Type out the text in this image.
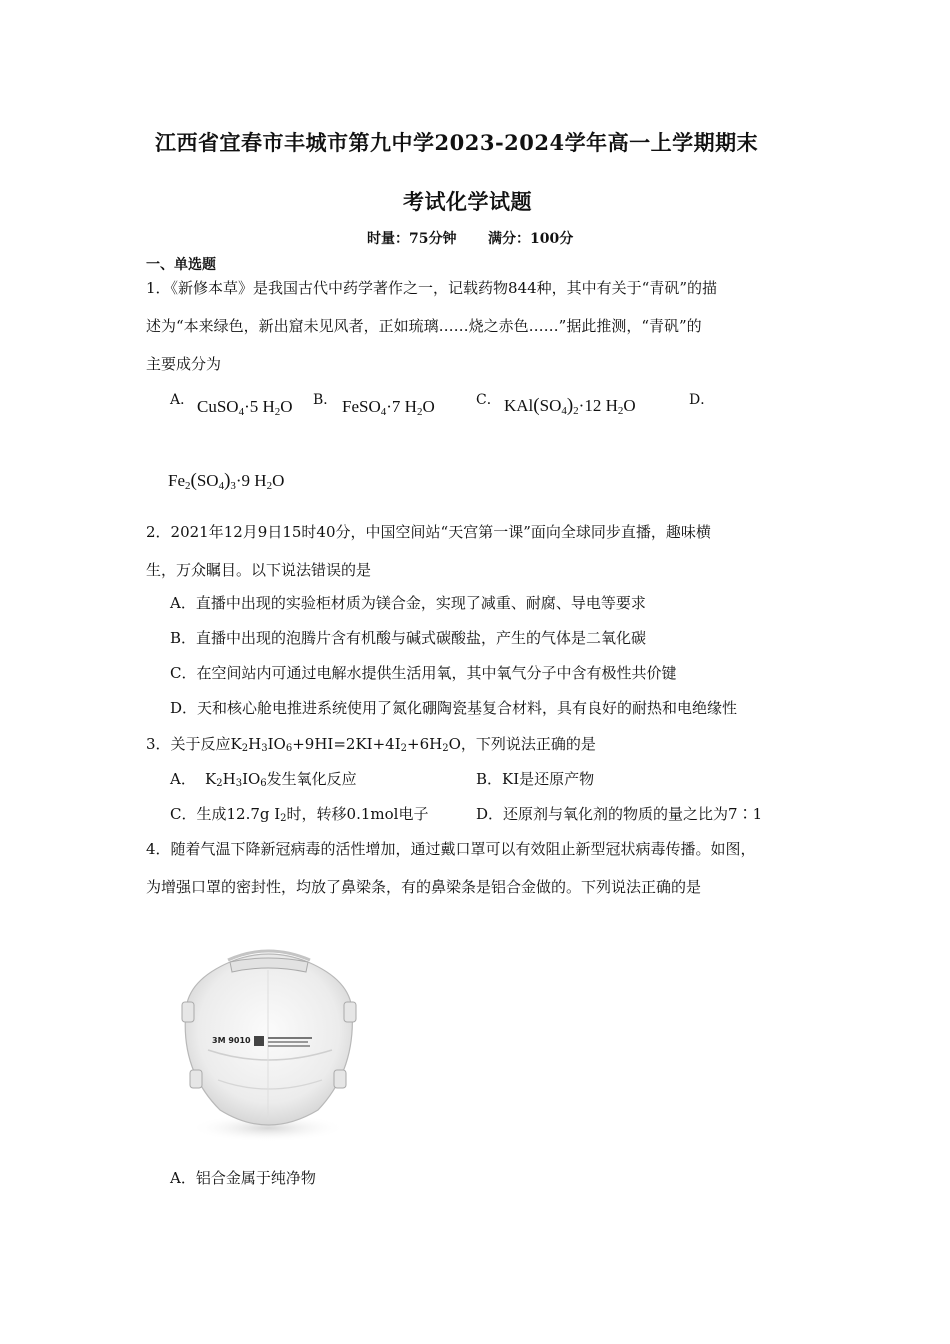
江西省宜春市丰城市第九中学2023-2024学年高一上学期期末
考试化学试题
时量：75分钟 满分：100分
一、单选题
1．《新修本草》是我国古代中药学著作之一，记载药物844种，其中有关于“青矾”的描
述为“本来绿色，新出窟未见风者，正如琉璃……烧之赤色……”据此推测，“青矾”的
主要成分为
A． CuSO$_4$·5 $H_2O$ B． FeSO$_4$·7 $H_2O$	C． $KAl(SO_4)_2\cdot 12$ $H_2O$	D．
$Fe_2(SO_4)_3\cdot 9$ $H_2O$
2．2021年12月9日15时40分，中国空间站“天宫第一课”面向全球同步直播，趣味横
生，万众瞩目。以下说法错误的是
A．直播中出现的实验柜材质为镁合金，实现了减重、耐腐、导电等要求
B．直播中出现的泡腾片含有机酸与碱式碳酸盐，产生的气体是二氧化碳
C．在空间站内可通过电解水提供生活用氧，其中氧气分子中含有极性共价键
D．天和核心舱电推进系统使用了氮化硼陶瓷基复合材料，具有良好的耐热和电绝缘性
3．关于反应$K_2H_3IO_6+9HI=2KI+4I_2+6H_2O$，下列说法正确的是
A． $K_2H_3IO_6$发生氧化反应	B．KI是还原产物
C．生成12.7g $I_2$时，转移0.1mol电子	D．还原剂与氧化剂的物质的量之比为7∶1
4．随着气温下降新冠病毒的活性增加，通过戴口罩可以有效阻止新型冠状病毒传播。如图，
为增强口罩的密封性，均放了鼻梁条，有的鼻梁条是铝合金做的。下列说法正确的是
3M 9010
A．铝合金属于纯净物
